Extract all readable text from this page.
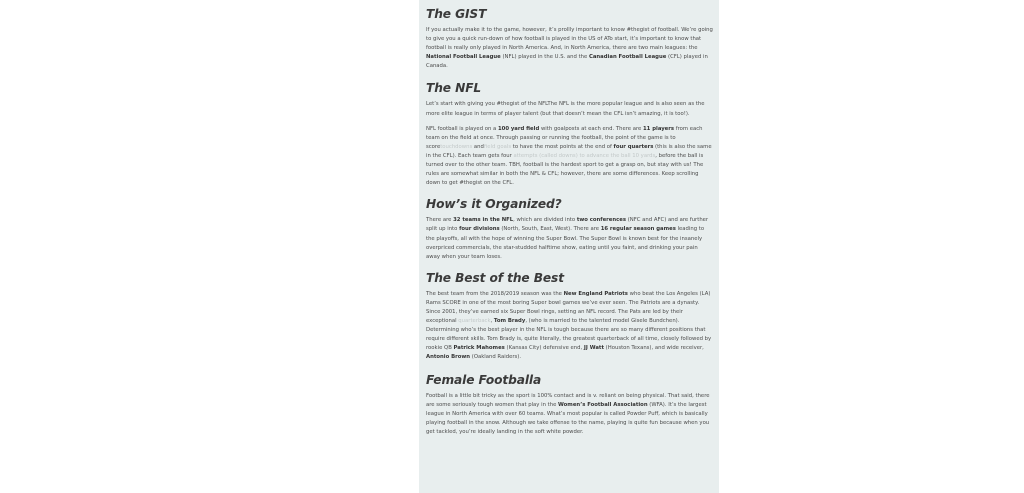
The GIST

If you actually make it to the game, however, it’s prollly important to know #thegist of football. We’re going to give you a quick run-down of how football is played in the US of ATo start, it’s important to know that football is really only played in North America. And, in North America, there are two main leagues: the National Football League (NFL) played in the U.S. and the Canadian Football League (CFL) played in Canada.

The NFL

Let’s start with giving you #thegist of the NFLThe NFL is the more popular league and is also seen as the more elite league in terms of player talent (but that doesn’t mean the CFL isn’t amazing, it is too!).

NFL football is played on a 100 yard field with goalposts at each end. There are 11 players from each team on the field at once. Through passing or running the football, the point of the game is to scoretouchdowns andfield goals to have the most points at the end of four quarters (this is also the same in the CFL). Each team gets four attempts (called downs) to advance the ball 10 yards, before the ball is turned over to the other team. TBH, football is the hardest sport to get a grasp on, but stay with us! The rules are somewhat similar in both the NFL & CFL; however, there are some differences. Keep scrolling down to get #thegist on the CFL.

How’s it Organized?

There are 32 teams in the NFL, which are divided into two conferences (NFC and AFC) and are further split up into four divisions (North, South, East, West). There are 16 regular season games leading to the playoffs, all with the hope of winning the Super Bowl. The Super Bowl is known best for the insanely overpriced commercials, the star-studded halftime show, eating until you faint, and drinking your pain away when your team loses.

The Best of the Best

The best team from the 2018/2019 season was the New England Patriots who beat the Los Angeles (LA) Rams SCORE in one of the most boring Super bowl games we’ve ever seen. The Patriots are a dynasty. Since 2001, they’ve earned six Super Bowl rings, setting an NFL record. The Pats are led by their exceptional quarterback, Tom Brady, (who is married to the talented model Gisele Bundchen). Determining who’s the best player in the NFL is tough because there are so many different positions that require different skills. Tom Brady is, quite literally, the greatest quarterback of all time, closely followed by rookie QB Patrick Mahomes (Kansas City) defensive end, JJ Watt (Houston Texans), and wide receiver, Antonio Brown (Oakland Raiders).

Female Footballa

Football is a little bit tricky as the sport is 100% contact and is v. reliant on being physical. That said, there are some seriously tough women that play in the Women’s Football Association (WFA). It’s the largest league in North America with over 60 teams. What’s most popular is called Powder Puff, which is basically playing football in the snow. Although we take offense to the name, playing is quite fun because when you get tackled, you’re ideally landing in the soft white powder.
